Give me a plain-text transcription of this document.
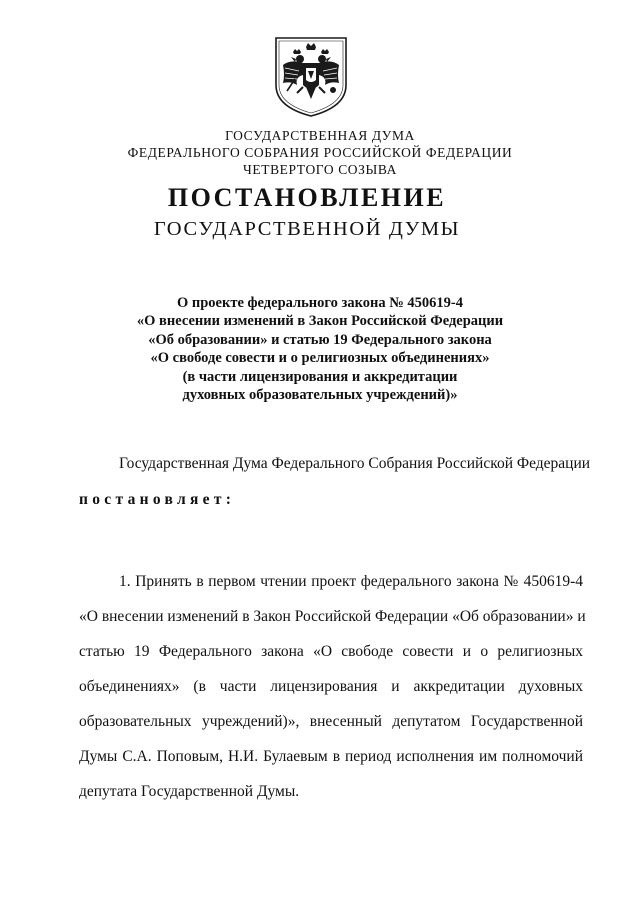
ГОСУДАРСТВЕННАЯ ДУМА
ФЕДЕРАЛЬНОГО СОБРАНИЯ РОССИЙСКОЙ ФЕДЕРАЦИИ
ЧЕТВЕРТОГО СОЗЫВА
ПОСТАНОВЛЕНИЕ
ГОСУДАРСТВЕННОЙ ДУМЫ
О проекте федерального закона № 450619-4
«О внесении изменений в Закон Российской Федерации
«Об образовании» и статью 19 Федерального закона
«О свободе совести и о религиозных объединениях»
(в части лицензирования и аккредитации
духовных образовательных учреждений)»
Государственная Дума Федерального Собрания Российской Федерации
постановляет:
1. Принять в первом чтении проект федерального закона № 450619-4
«О внесении изменений в Закон Российской Федерации «Об образовании» и
статью 19 Федерального закона «О свободе совести и о религиозных
объединениях» (в части лицензирования и аккредитации духовных
образовательных учреждений)», внесенный депутатом Государственной
Думы С.А. Поповым, Н.И. Булаевым в период исполнения им полномочий
депутата Государственной Думы.
